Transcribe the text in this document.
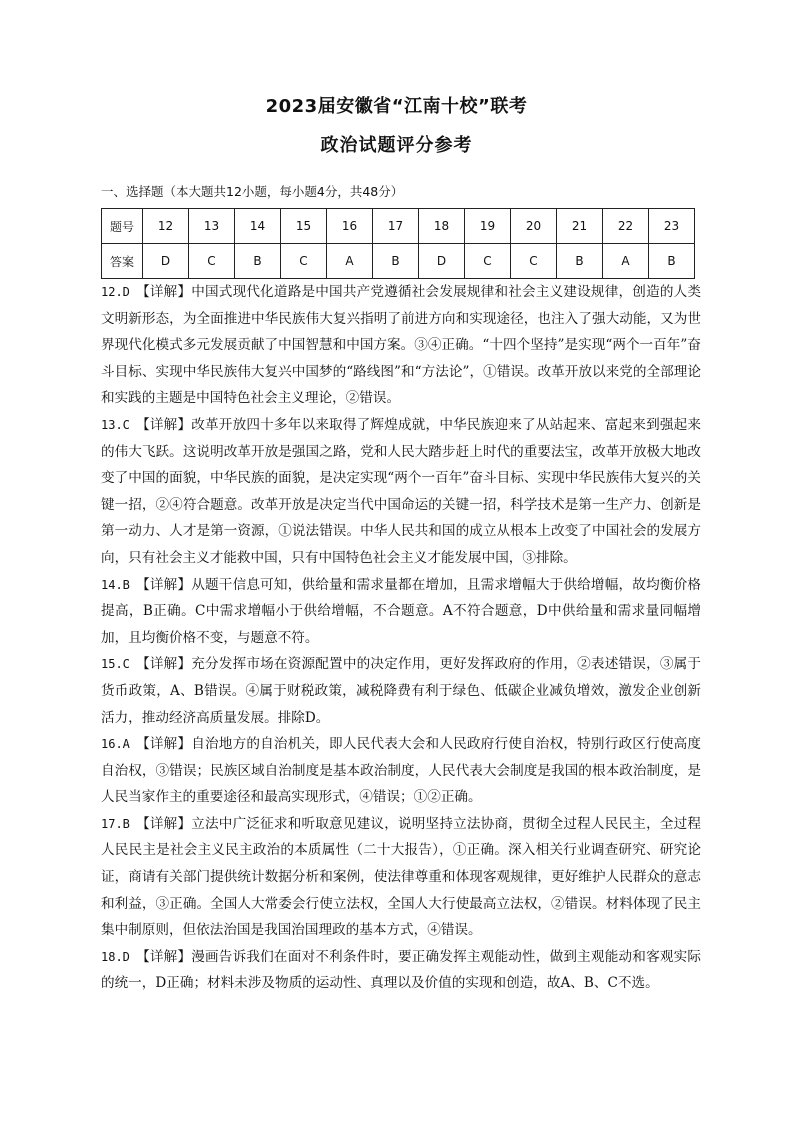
2023届安徽省“江南十校”联考
政治试题评分参考
一、选择题（本大题共12小题，每小题4分，共48分）
题号	12	13	14	15	16	17	18	19	20	21	22	23
答案	D	C	B	C	A	B	D	C	C	B	A	B

12.D 【详解】中国式现代化道路是中国共产党遵循社会发展规律和社会主义建设规律，创造的人类文明新形态，为全面推进中华民族伟大复兴指明了前进方向和实现途径，也注入了强大动能，又为世界现代化模式多元发展贡献了中国智慧和中国方案。③④正确。“十四个坚持”是实现“两个一百年”奋斗目标、实现中华民族伟大复兴中国梦的“路线图”和“方法论”，①错误。改革开放以来党的全部理论和实践的主题是中国特色社会主义理论，②错误。

13.C 【详解】改革开放四十多年以来取得了辉煌成就，中华民族迎来了从站起来、富起来到强起来的伟大飞跃。这说明改革开放是强国之路，党和人民大踏步赶上时代的重要法宝，改革开放极大地改变了中国的面貌，中华民族的面貌，是决定实现“两个一百年”奋斗目标、实现中华民族伟大复兴的关键一招，②④符合题意。改革开放是决定当代中国命运的关键一招，科学技术是第一生产力、创新是第一动力、人才是第一资源，①说法错误。中华人民共和国的成立从根本上改变了中国社会的发展方向，只有社会主义才能救中国，只有中国特色社会主义才能发展中国，③排除。

14.B 【详解】从题干信息可知，供给量和需求量都在增加，且需求增幅大于供给增幅，故均衡价格提高，B正确。C中需求增幅小于供给增幅，不合题意。A不符合题意，D中供给量和需求量同幅增加，且均衡价格不变，与题意不符。

15.C 【详解】充分发挥市场在资源配置中的决定作用，更好发挥政府的作用，②表述错误，③属于货币政策，A、B错误。④属于财税政策，减税降费有利于绿色、低碳企业减负增效，激发企业创新活力，推动经济高质量发展。排除D。

16.A 【详解】自治地方的自治机关，即人民代表大会和人民政府行使自治权，特别行政区行使高度自治权，③错误；民族区域自治制度是基本政治制度，人民代表大会制度是我国的根本政治制度，是人民当家作主的重要途径和最高实现形式，④错误；①②正确。

17.B 【详解】立法中广泛征求和听取意见建议，说明坚持立法协商，贯彻全过程人民民主，全过程人民民主是社会主义民主政治的本质属性（二十大报告），①正确。深入相关行业调查研究、研究论证，商请有关部门提供统计数据分析和案例，使法律尊重和体现客观规律，更好维护人民群众的意志和利益，③正确。全国人大常委会行使立法权，全国人大行使最高立法权，②错误。材料体现了民主集中制原则，但依法治国是我国治国理政的基本方式，④错误。

18.D 【详解】漫画告诉我们在面对不利条件时，要正确发挥主观能动性，做到主观能动和客观实际的统一，D正确；材料未涉及物质的运动性、真理以及价值的实现和创造，故A、B、C不选。
